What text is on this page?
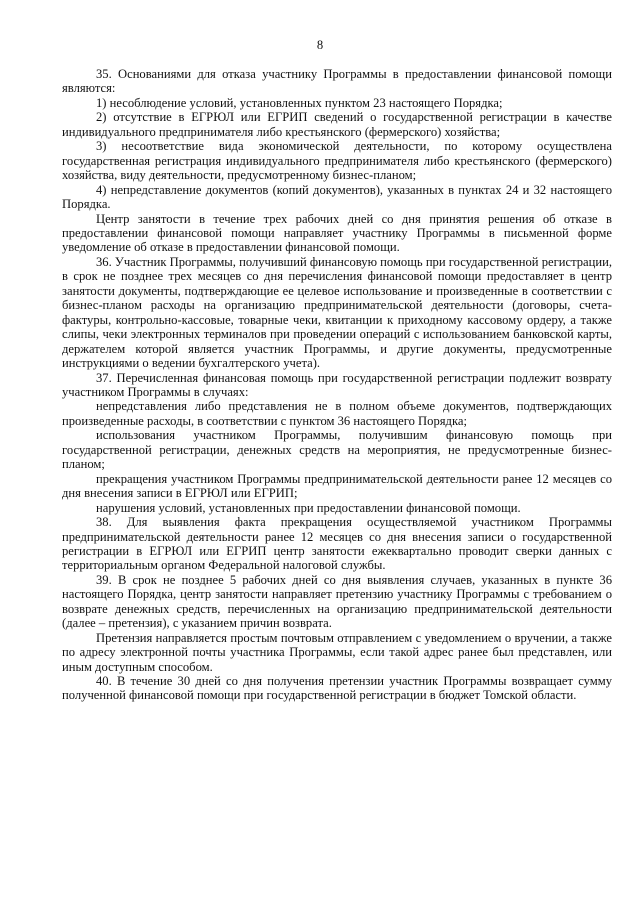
8

35. Основаниями для отказа участнику Программы в предоставлении финансовой помощи являются:

1) несоблюдение условий, установленных пунктом 23 настоящего Порядка;

2) отсутствие в ЕГРЮЛ или ЕГРИП сведений о государственной регистрации в качестве индивидуального предпринимателя либо крестьянского (фермерского) хозяйства;

3) несоответствие вида экономической деятельности, по которому осуществлена государственная регистрация индивидуального предпринимателя либо крестьянского (фермерского) хозяйства, виду деятельности, предусмотренному бизнес-планом;

4) непредставление документов (копий документов), указанных в пунктах 24 и 32 настоящего Порядка.

Центр занятости в течение трех рабочих дней со дня принятия решения об отказе в предоставлении финансовой помощи направляет участнику Программы в письменной форме уведомление об отказе в предоставлении финансовой помощи.

36. Участник Программы, получивший финансовую помощь при государственной регистрации, в срок не позднее трех месяцев со дня перечисления финансовой помощи предоставляет в центр занятости документы, подтверждающие ее целевое использование и произведенные в соответствии с бизнес-планом расходы на организацию предпринимательской деятельности (договоры, счета-фактуры, контрольно-кассовые, товарные чеки, квитанции к приходному кассовому ордеру, а также слипы, чеки электронных терминалов при проведении операций с использованием банковской карты, держателем которой является участник Программы, и другие документы, предусмотренные инструкциями о ведении бухгалтерского учета).

37. Перечисленная финансовая помощь при государственной регистрации подлежит возврату участником Программы в случаях:

непредставления либо представления не в полном объеме документов, подтверждающих произведенные расходы, в соответствии с пунктом 36 настоящего Порядка;

использования участником Программы, получившим финансовую помощь при государственной регистрации, денежных средств на мероприятия, не предусмотренные бизнес-планом;

прекращения участником Программы предпринимательской деятельности ранее 12 месяцев со дня внесения записи в ЕГРЮЛ или ЕГРИП;

нарушения условий, установленных при предоставлении финансовой помощи.

38. Для выявления факта прекращения осуществляемой участником Программы предпринимательской деятельности ранее 12 месяцев со дня внесения записи о государственной регистрации в ЕГРЮЛ или ЕГРИП центр занятости ежеквартально проводит сверки данных с территориальным органом Федеральной налоговой службы.

39. В срок не позднее 5 рабочих дней со дня выявления случаев, указанных в пункте 36 настоящего Порядка, центр занятости направляет претензию участнику Программы с требованием о возврате денежных средств, перечисленных на организацию предпринимательской деятельности (далее – претензия), с указанием причин возврата.

Претензия направляется простым почтовым отправлением с уведомлением о вручении, а также по адресу электронной почты участника Программы, если такой адрес ранее был представлен, или иным доступным способом.

40. В течение 30 дней со дня получения претензии участник Программы возвращает сумму полученной финансовой помощи при государственной регистрации в бюджет Томской области.
